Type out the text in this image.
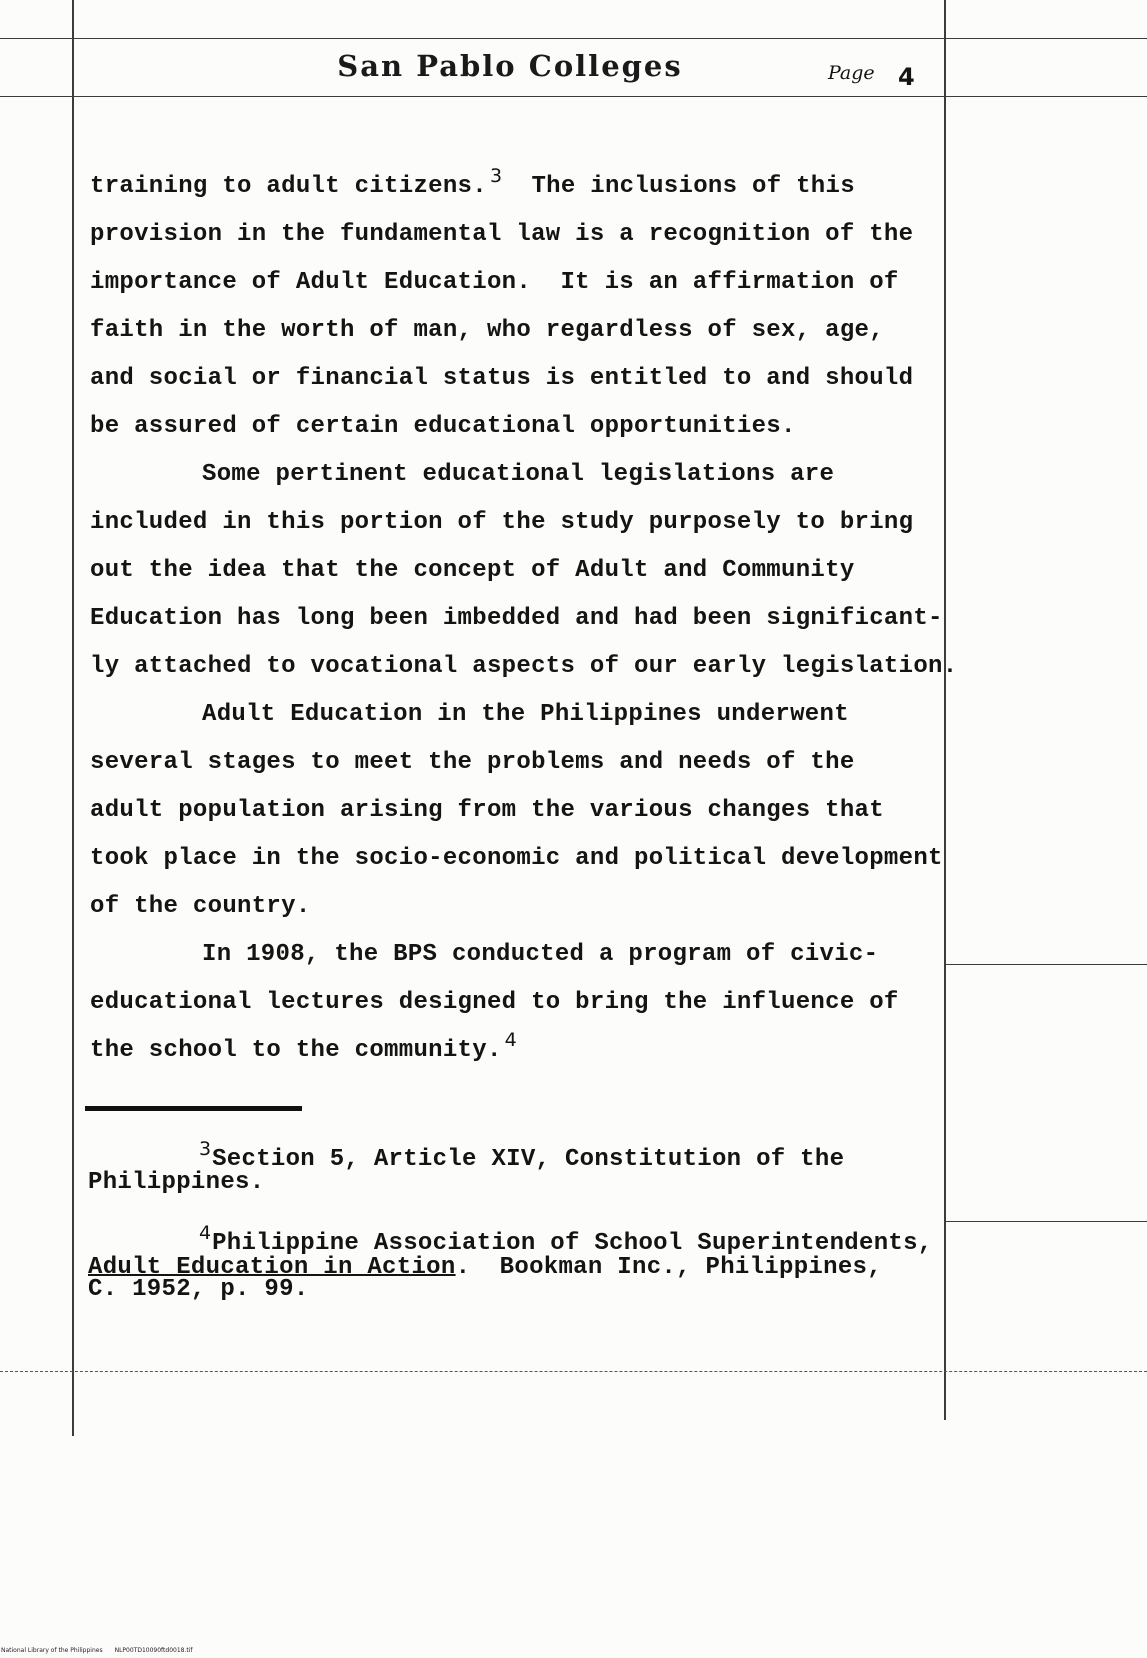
San Pablo Colleges	Page 4
training to adult citizens. $^3$  The inclusions of this
provision in the fundamental law is a recognition of the
importance of Adult Education.  It is an affirmation of
faith in the worth of man, who regardless of sex, age,
and social or financial status is entitled to and should
be assured of certain educational opportunities.
Some pertinent educational legislations are
included in this portion of the study purposely to bring
out the idea that the concept of Adult and Community
Education has long been imbedded and had been significant-
ly attached to vocational aspects of our early legislation.
Adult Education in the Philippines underwent
several stages to meet the problems and needs of the
adult population arising from the various changes that
took place in the socio-economic and political development
of the country.
In 1908, the BPS conducted a program of civic-
educational lectures designed to bring the influence of
the school to the community. $^4$
$^3$Section 5, Article XIV, Constitution of the
Philippines.
$^4$Philippine Association of School Superintendents,
Adult Education in Action.  Bookman Inc., Philippines,
C. 1952, p. 99.
National Library of the Philippines NLP00TD10090ftd0018.tif
